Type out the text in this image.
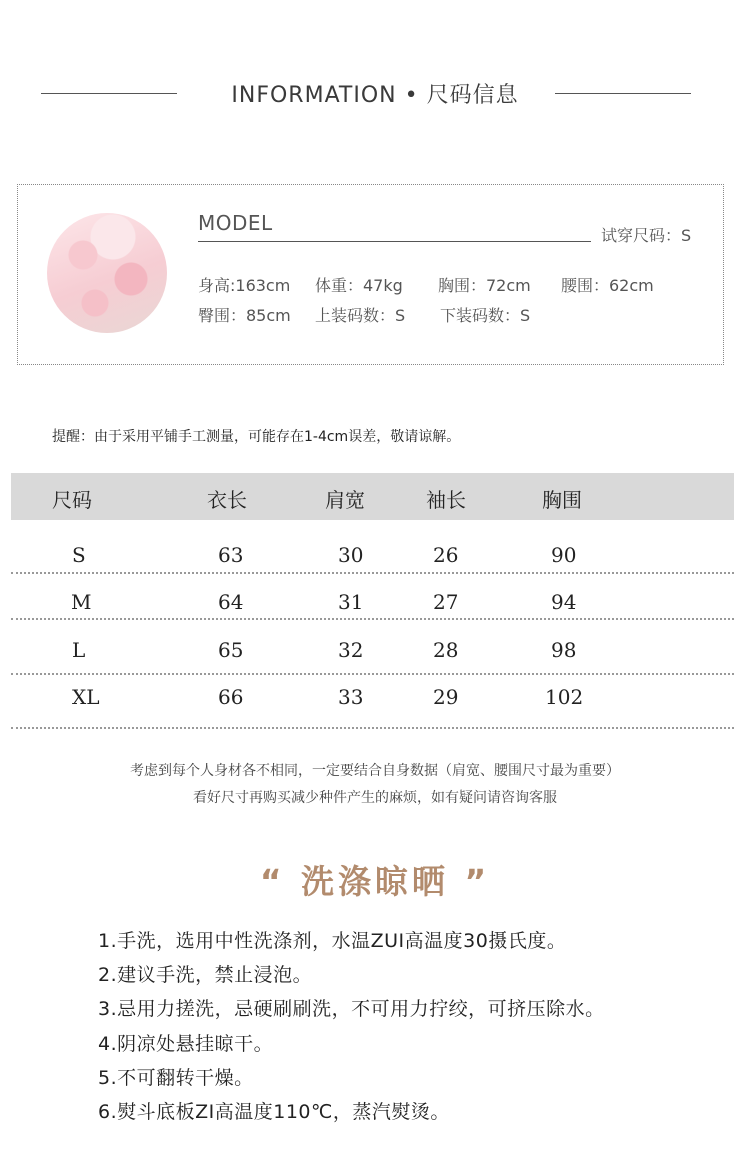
INFORMATION • 尺码信息
MODEL
试穿尺码：S
身高:163cm 体重：47kg 胸围：72cm 腰围：62cm
臀围：85cm 上装码数：S 下装码数：S
提醒：由于采用平铺手工测量，可能存在1-4cm误差，敬请谅解。
尺码	衣长	肩宽	袖长	胸围
S	63	30	26	90
M	64	31	27	94
L	65	32	28	98
XL	66	33	29	102
考虑到每个人身材各不相同，一定要结合自身数据（肩宽、腰围尺寸最为重要）
看好尺寸再购买减少种件产生的麻烦，如有疑问请咨询客服
“ 洗涤晾晒 ”
1.手洗，选用中性洗涤剂，水温ZUI高温度30摄氏度。
2.建议手洗，禁止浸泡。
3.忌用力搓洗，忌硬刷刷洗，不可用力拧绞，可挤压除水。
4.阴凉处悬挂晾干。
5.不可翻转干燥。
6.熨斗底板ZI高温度110℃，蒸汽熨烫。
